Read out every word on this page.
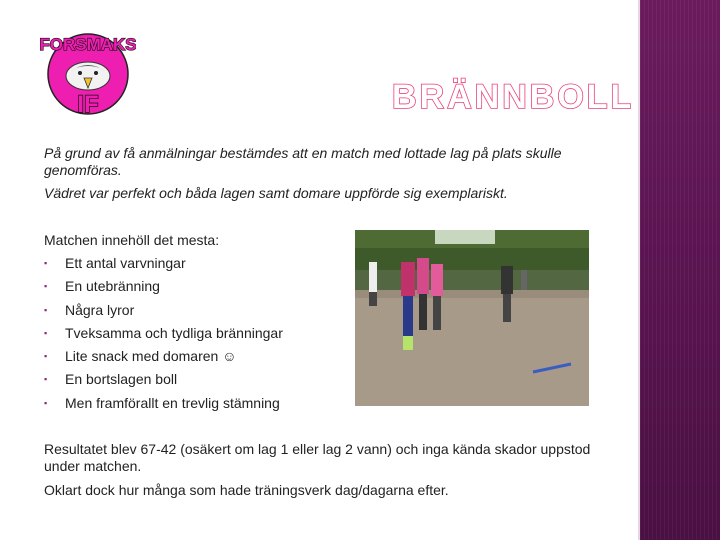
FORSMAKS
IF	BRÄNNBOLL
På grund av få anmälningar bestämdes att en match med lottade lag på plats skulle genomföras.
Vädret var perfekt och båda lagen samt domare uppförde sig exemplariskt.
Matchen innehöll det mesta:
▪ Ett antal varvningar
▪ En utebränning
▪ Några lyror
▪ Tveksamma och tydliga bränningar
▪ Lite snack med domaren ☺
▪ En bortslagen boll
▪ Men framförallt en trevlig stämning
Resultatet blev 67-42 (osäkert om lag 1 eller lag 2 vann) och inga kända skador uppstod under matchen.
Oklart dock hur många som hade träningsverk dag/dagarna efter.
